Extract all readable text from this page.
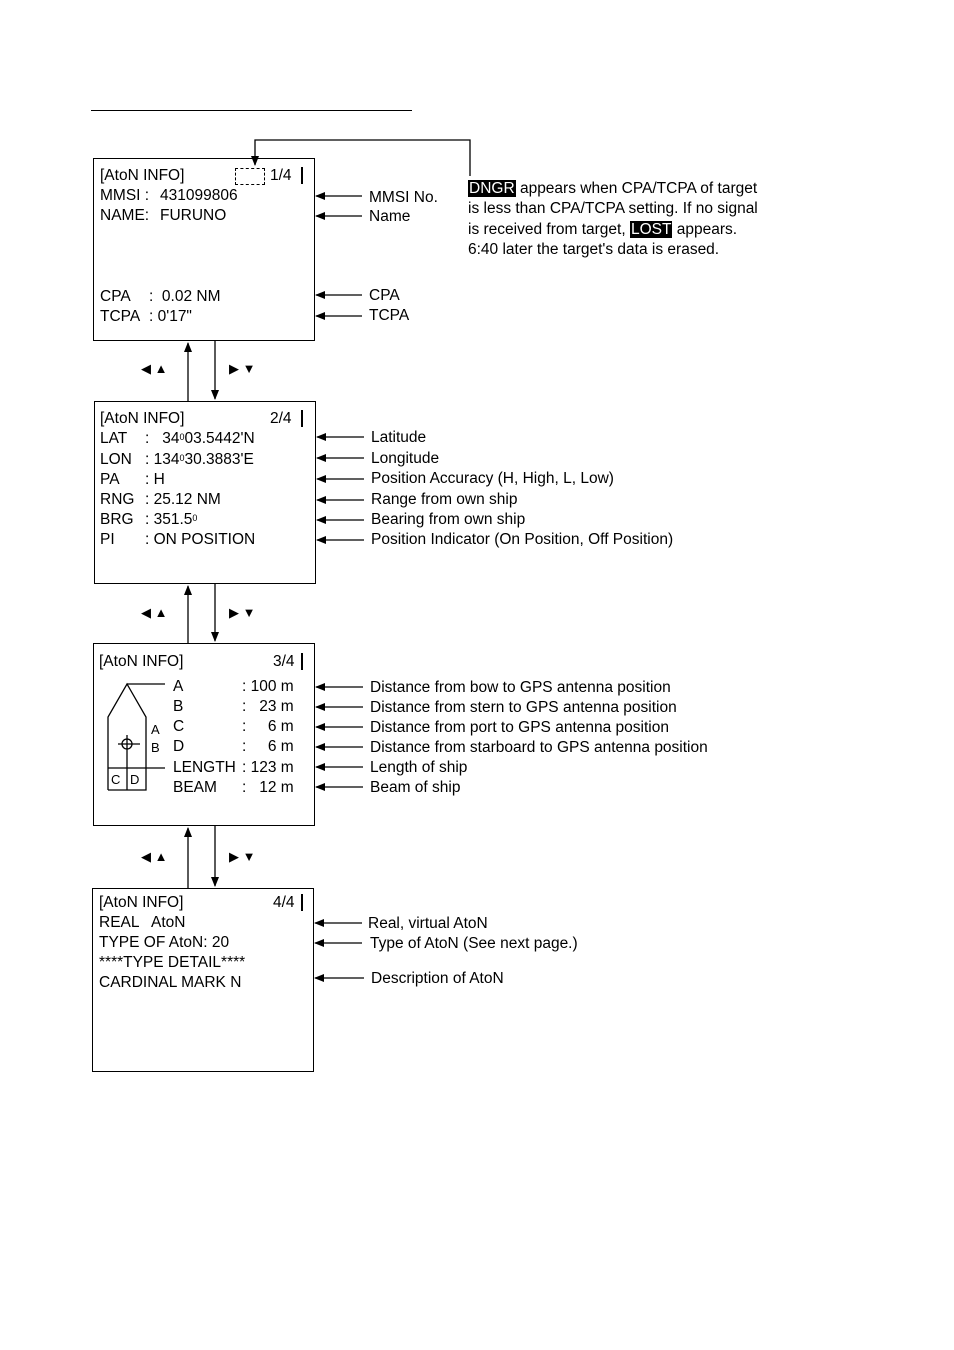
[AtoN INFO]	1/4
MMSI : 431099806
NAME: FURUNO
CPA :  0.02 NM
TCPA : 0'17"
MMSI No.
Name
CPA
TCPA
DNGR appears when CPA/TCPA of target is less than CPA/TCPA setting. If no signal is received from target, LOST appears. 6:40 later the target's data is erased.
◀ ▲	▶ ▼
[AtoN INFO]	2/4
LAT :   $34^003.5442'N$
LON : $134^030.3883'E$
PA : H
RNG : 25.12 NM
BRG : 351.5$^0$
PI : ON POSITION
Latitude
Longitude
Position Accuracy (H, High, L, Low)
Range from own ship
Bearing from own ship
Position Indicator (On Position, Off Position)
◀ ▲	▶ ▼
[AtoN INFO]	3/4
A	: 100 m
B	:   23 m
C	:     6 m
D	:     6 m
LENGTH : 123 m
BEAM :   12 m
A
B
C D
Distance from bow to GPS antenna position
Distance from stern to GPS antenna position
Distance from port to GPS antenna position
Distance from starboard to GPS antenna position
Length of ship
Beam of ship
◀ ▲	▶ ▼
[AtoN INFO]	4/4
REAL   AtoN
TYPE OF AtoN: 20
****TYPE DETAIL****
CARDINAL MARK N
Real, virtual AtoN
Type of AtoN (See next page.)
Description of AtoN
